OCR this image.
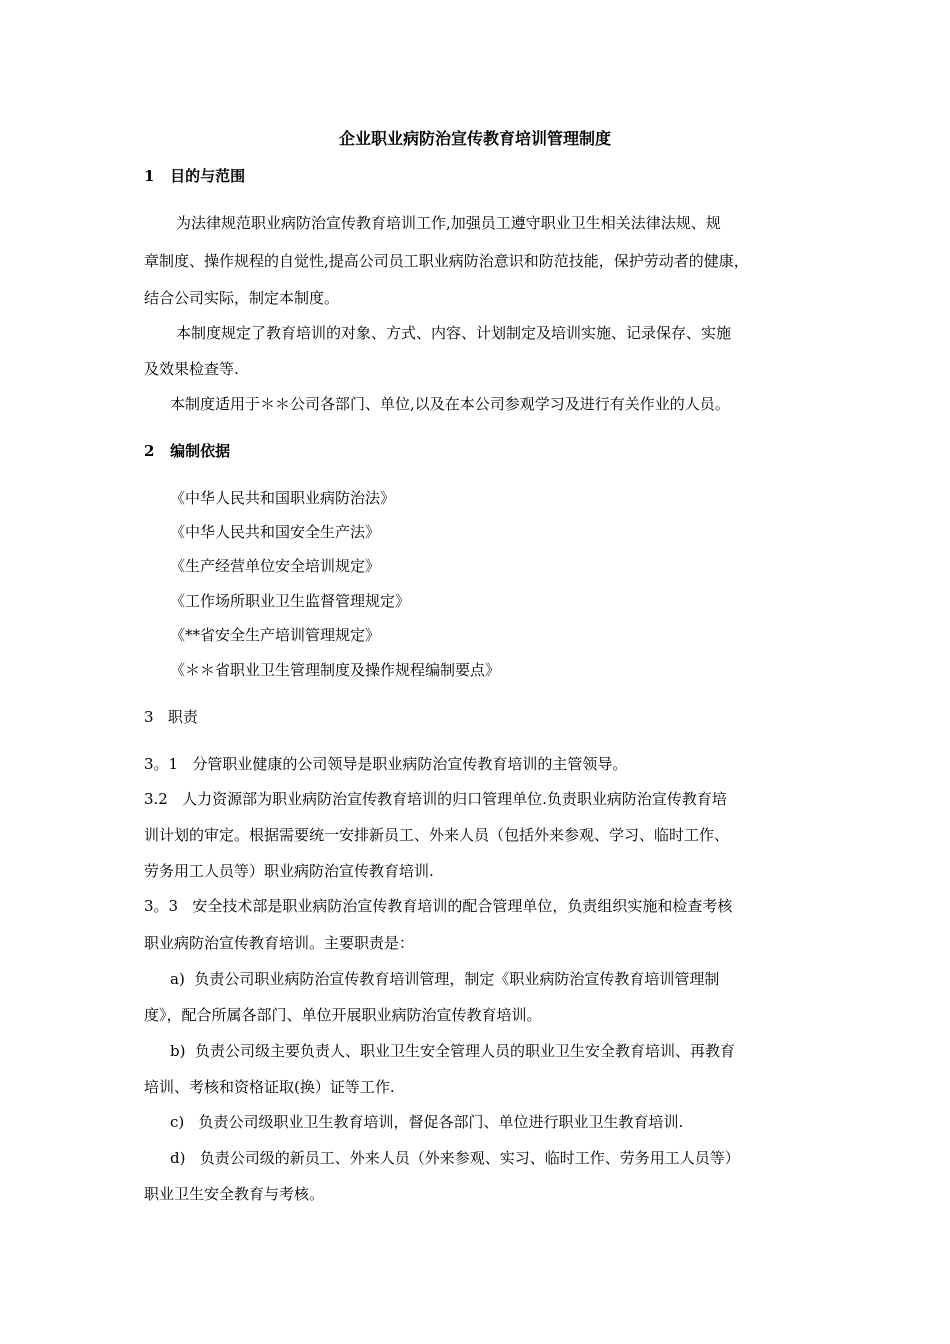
企业职业病防治宣传教育培训管理制度
1   目的与范围
为法律规范职业病防治宣传教育培训工作,加强员工遵守职业卫生相关法律法规、规
章制度、操作规程的自觉性,提高公司员工职业病防治意识和防范技能，保护劳动者的健康，
结合公司实际，制定本制度。
本制度规定了教育培训的对象、方式、内容、计划制定及培训实施、记录保存、实施
及效果检查等.
本制度适用于＊＊公司各部门、单位,以及在本公司参观学习及进行有关作业的人员。
2   编制依据
《中华人民共和国职业病防治法》
《中华人民共和国安全生产法》
《生产经营单位安全培训规定》
《工作场所职业卫生监督管理规定》
《**省安全生产培训管理规定》
《＊＊省职业卫生管理制度及操作规程编制要点》
3   职责
3。1   分管职业健康的公司领导是职业病防治宣传教育培训的主管领导。
3.2   人力资源部为职业病防治宣传教育培训的归口管理单位.负责职业病防治宣传教育培
训计划的审定。根据需要统一安排新员工、外来人员（包括外来参观、学习、临时工作、
劳务用工人员等）职业病防治宣传教育培训.
3。3   安全技术部是职业病防治宣传教育培训的配合管理单位，负责组织实施和检查考核
职业病防治宣传教育培训。主要职责是：
a)  负责公司职业病防治宣传教育培训管理，制定《职业病防治宣传教育培训管理制
度》，配合所属各部门、单位开展职业病防治宣传教育培训。
b)  负责公司级主要负责人、职业卫生安全管理人员的职业卫生安全教育培训、再教育
培训、考核和资格证取(换）证等工作.
c)   负责公司级职业卫生教育培训，督促各部门、单位进行职业卫生教育培训.
d)   负责公司级的新员工、外来人员（外来参观、实习、临时工作、劳务用工人员等）
职业卫生安全教育与考核。
